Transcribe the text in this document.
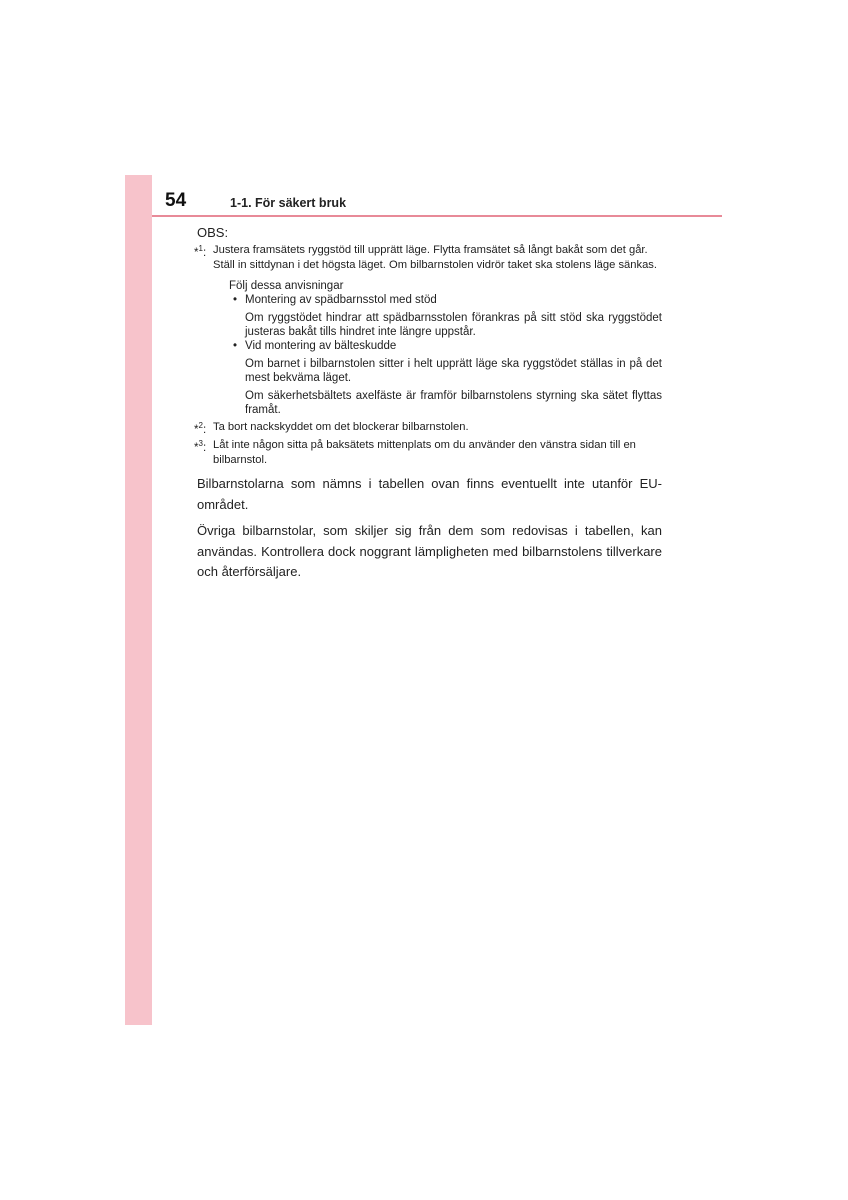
54	1-1. För säkert bruk
OBS:
*$^1$: Justera framsätets ryggstöd till upprätt läge. Flytta framsätet så långt bakåt som det går. Ställ in sittdynan i det högsta läget. Om bilbarnstolen vidrör taket ska stolens läge sänkas.
Följ dessa anvisningar
• Montering av spädbarnsstol med stöd
Om ryggstödet hindrar att spädbarnsstolen förankras på sitt stöd ska ryggstödet justeras bakåt tills hindret inte längre uppstår.
• Vid montering av bälteskudde
Om barnet i bilbarnstolen sitter i helt upprätt läge ska ryggstödet ställas in på det mest bekväma läget.
Om säkerhetsbältets axelfäste är framför bilbarnstolens styrning ska sätet flyttas framåt.
*$^2$: Ta bort nackskyddet om det blockerar bilbarnstolen.
*$^3$: Låt inte någon sitta på baksätets mittenplats om du använder den vänstra sidan till en bilbarnstol.
Bilbarnstolarna som nämns i tabellen ovan finns eventuellt inte utanför EU-området.
Övriga bilbarnstolar, som skiljer sig från dem som redovisas i tabellen, kan användas. Kontrollera dock noggrant lämpligheten med bilbarnstolens tillverkare och återförsäljare.
